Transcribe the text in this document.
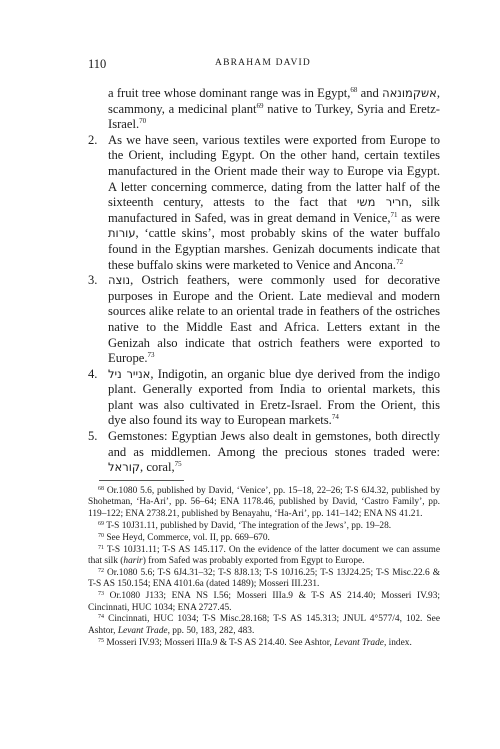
110	ABRAHAM DAVID

a fruit tree whose dominant range was in Egypt,$^{68}$ and אשקמונאה, scammony, a medicinal plant$^{69}$ native to Turkey, Syria and Eretz-Israel.$^{70}$

2. As we have seen, various textiles were exported from Europe to the Orient, including Egypt. On the other hand, certain textiles manufactured in the Orient made their way to Europe via Egypt. A letter concerning commerce, dating from the latter half of the sixteenth century, attests to the fact that חריר משי, silk manufactured in Safed, was in great demand in Venice,$^{71}$ as were עורות, ‘cattle skins’, most probably skins of the water buffalo found in the Egyptian marshes. Genizah documents indicate that these buffalo skins were marketed to Venice and Ancona.$^{72}$

3. נוצה, Ostrich feathers, were commonly used for decorative purposes in Europe and the Orient. Late medieval and modern sources alike relate to an oriental trade in feathers of the ostriches native to the Middle East and Africa. Letters extant in the Genizah also indicate that ostrich feathers were exported to Europe.$^{73}$

4. אנייר ניל, Indigotin, an organic blue dye derived from the indigo plant. Generally exported from India to oriental markets, this plant was also cultivated in Eretz-Israel. From the Orient, this dye also found its way to European markets.$^{74}$

5. Gemstones: Egyptian Jews also dealt in gemstones, both directly and as middlemen. Among the precious stones traded were: קוראל, coral,$^{75}$

$^{68}$ Or.1080 5.6, published by David, ‘Venice’, pp. 15–18, 22–26; T-S 6J4.32, published by Shohetman, ‘Ha-Ari’, pp. 56–64; ENA 1178.46, published by David, ‘Castro Family’, pp. 119–122; ENA 2738.21, published by Benayahu, ‘Ha-Ari’, pp. 141–142; ENA NS 41.21.

$^{69}$ T-S 10J31.11, published by David, ‘The integration of the Jews’, pp. 19–28.

$^{70}$ See Heyd, Commerce, vol. II, pp. 669–670.

$^{71}$ T-S 10J31.11; T-S AS 145.117. On the evidence of the latter document we can assume that silk (harir) from Safed was probably exported from Egypt to Europe.

$^{72}$ Or.1080 5.6; T-S 6J4.31–32; T-S 8J8.13; T-S 10J16.25; T-S 13J24.25; T-S Misc.22.6 & T-S AS 150.154; ENA 4101.6a (dated 1489); Mosseri III.231.

$^{73}$ Or.1080 J133; ENA NS I.56; Mosseri IIIa.9 & T-S AS 214.40; Mosseri IV.93; Cincinnati, HUC 1034; ENA 2727.45.

$^{74}$ Cincinnati, HUC 1034; T-S Misc.28.168; T-S AS 145.313; JNUL 4°577/4, 102. See Ashtor, Levant Trade, pp. 50, 183, 282, 483.

$^{75}$ Mosseri IV.93; Mosseri IIIa.9 & T-S AS 214.40. See Ashtor, Levant Trade, index.
